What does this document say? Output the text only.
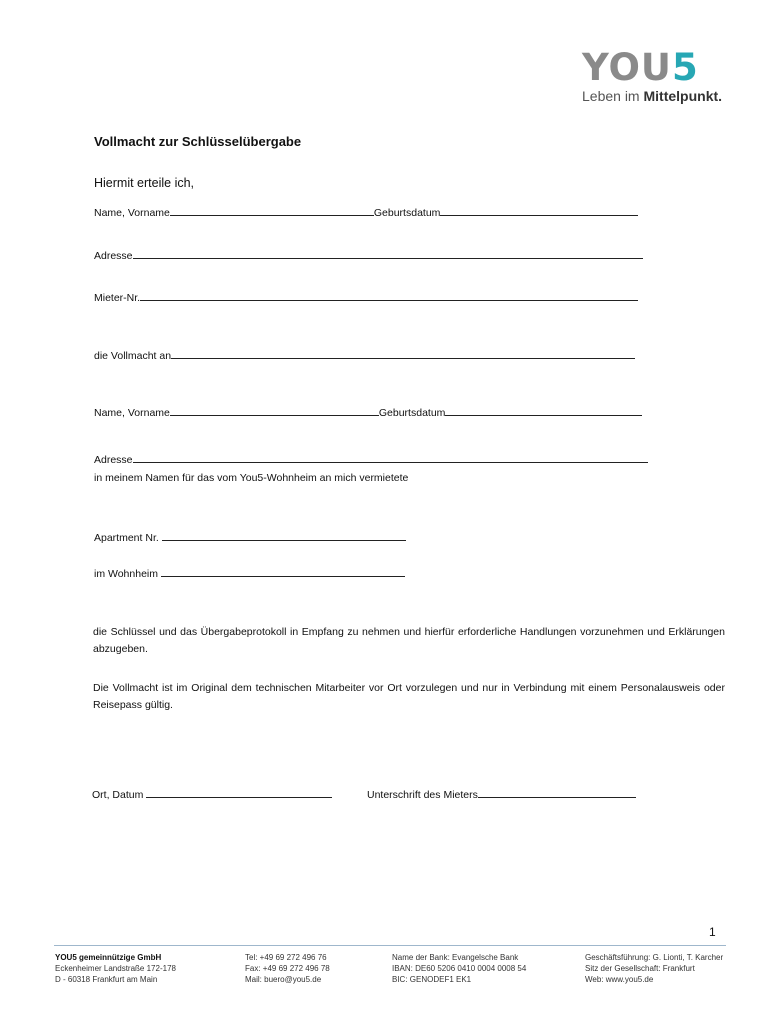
YOU5
Leben im Mittelpunkt.
Vollmacht zur Schlüsselübergabe
Hiermit erteile ich,
Name, Vorname	Geburtsdatum
Adresse
Mieter-Nr.
die Vollmacht an
Name, Vorname	Geburtsdatum
Adresse
in meinem Namen für das vom You5-Wohnheim an mich vermietete
Apartment Nr.
im Wohnheim
die Schlüssel und das Übergabeprotokoll in Empfang zu nehmen und hierfür erforderliche Handlungen vorzunehmen und Erklärungen abzugeben.
Die Vollmacht ist im Original dem technischen Mitarbeiter vor Ort vorzulegen und nur in Verbindung mit einem Personalausweis oder Reisepass gültig.
Ort, Datum	Unterschrift des Mieters
1
YOU5 gemeinnützige GmbH
Eckenheimer Landstraße 172-178
D - 60318 Frankfurt am Main
Tel: +49 69 272 496 76
Fax: +49 69 272 496 78
Mail: buero@you5.de
Name der Bank: Evangelsche Bank
IBAN: DE60 5206 0410 0004 0008 54
BIC: GENODEF1 EK1
Geschäftsführung: G. Lionti, T. Karcher
Sitz der Gesellschaft: Frankfurt
Web: www.you5.de
